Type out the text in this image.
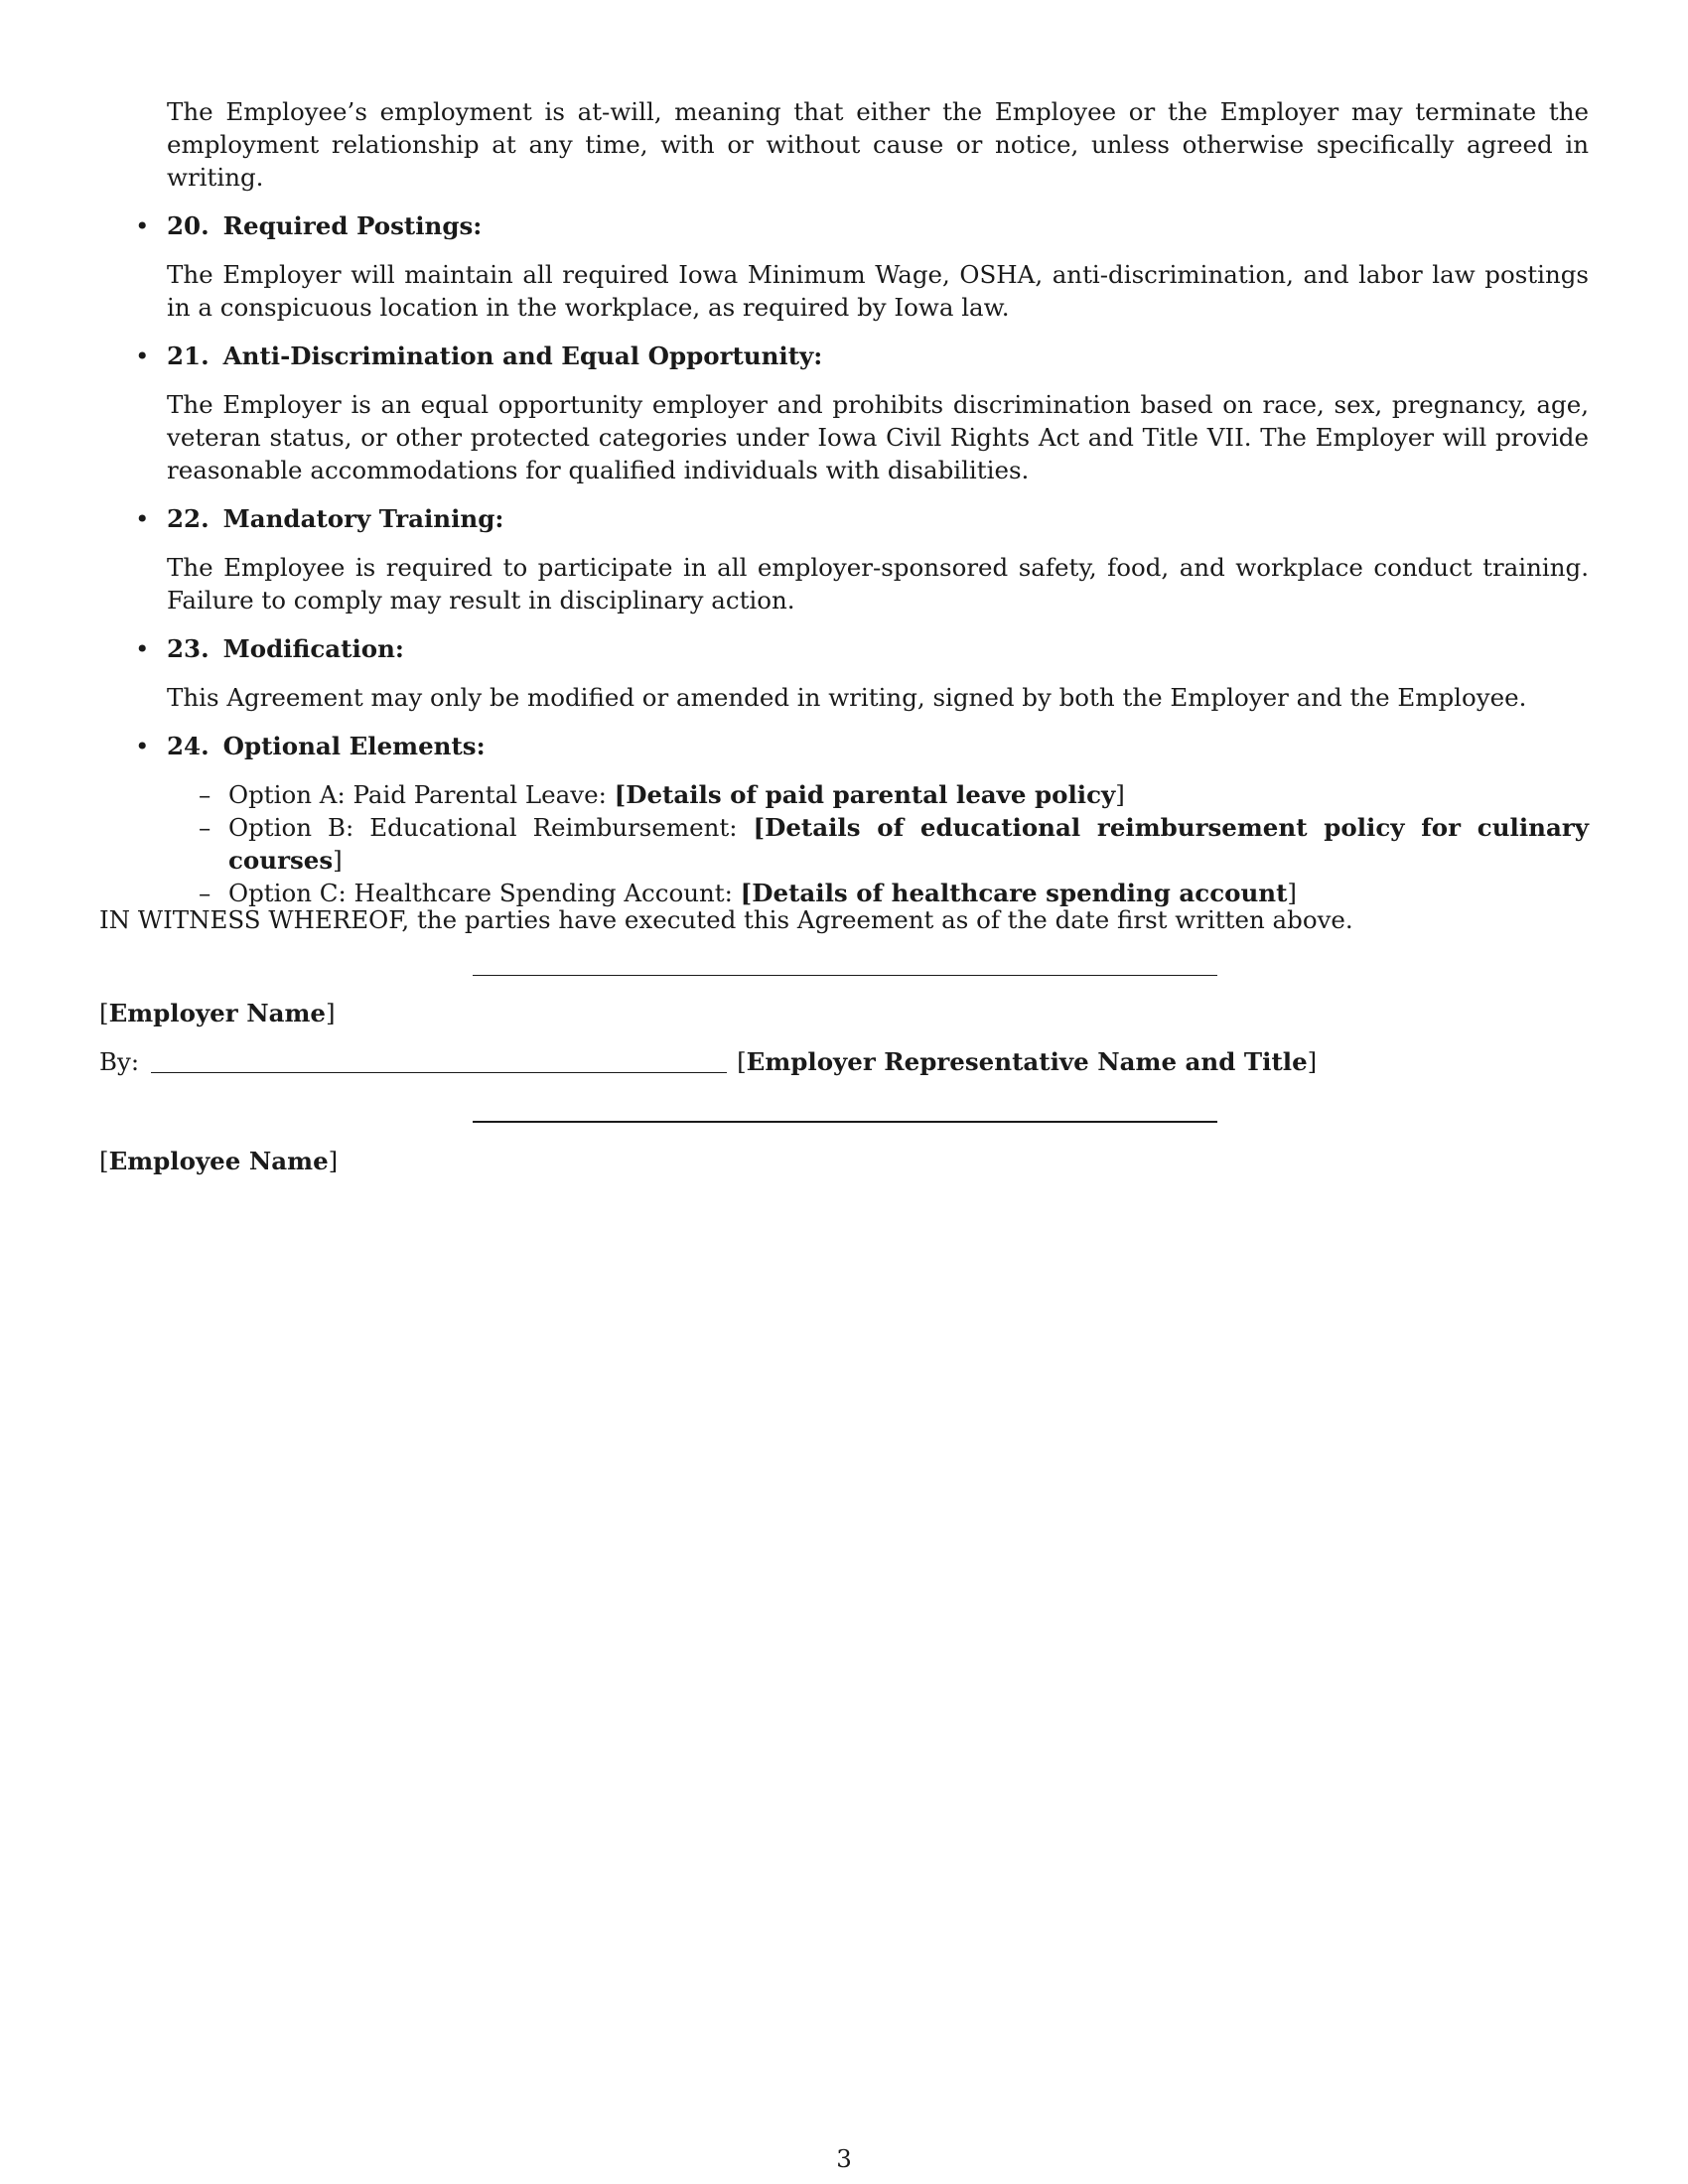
The Employee’s employment is at-will, meaning that either the Employee or the Employer may terminate the employment relationship at any time, with or without cause or notice, unless otherwise specifically agreed in writing.

• 20. Required Postings:

The Employer will maintain all required Iowa Minimum Wage, OSHA, anti-discrimination, and labor law postings in a conspicuous location in the workplace, as required by Iowa law.

• 21. Anti-Discrimination and Equal Opportunity:

The Employer is an equal opportunity employer and prohibits discrimination based on race, sex, pregnancy, age, veteran status, or other protected categories under Iowa Civil Rights Act and Title VII. The Employer will provide reasonable accommodations for qualified individuals with disabilities.

• 22. Mandatory Training:

The Employee is required to participate in all employer-sponsored safety, food, and workplace conduct training. Failure to comply may result in disciplinary action.

• 23. Modification:

This Agreement may only be modified or amended in writing, signed by both the Employer and the Employee.

• 24. Optional Elements:
– Option A: Paid Parental Leave: [Details of paid parental leave policy]
– Option B: Educational Reimbursement: [Details of educational reimbursement policy for culinary courses]
– Option C: Healthcare Spending Account: [Details of healthcare spending account]
IN WITNESS WHEREOF, the parties have executed this Agreement as of the date first written above.
[Employer Name]
By:	[Employer Representative Name and Title]
[Employee Name]
3
